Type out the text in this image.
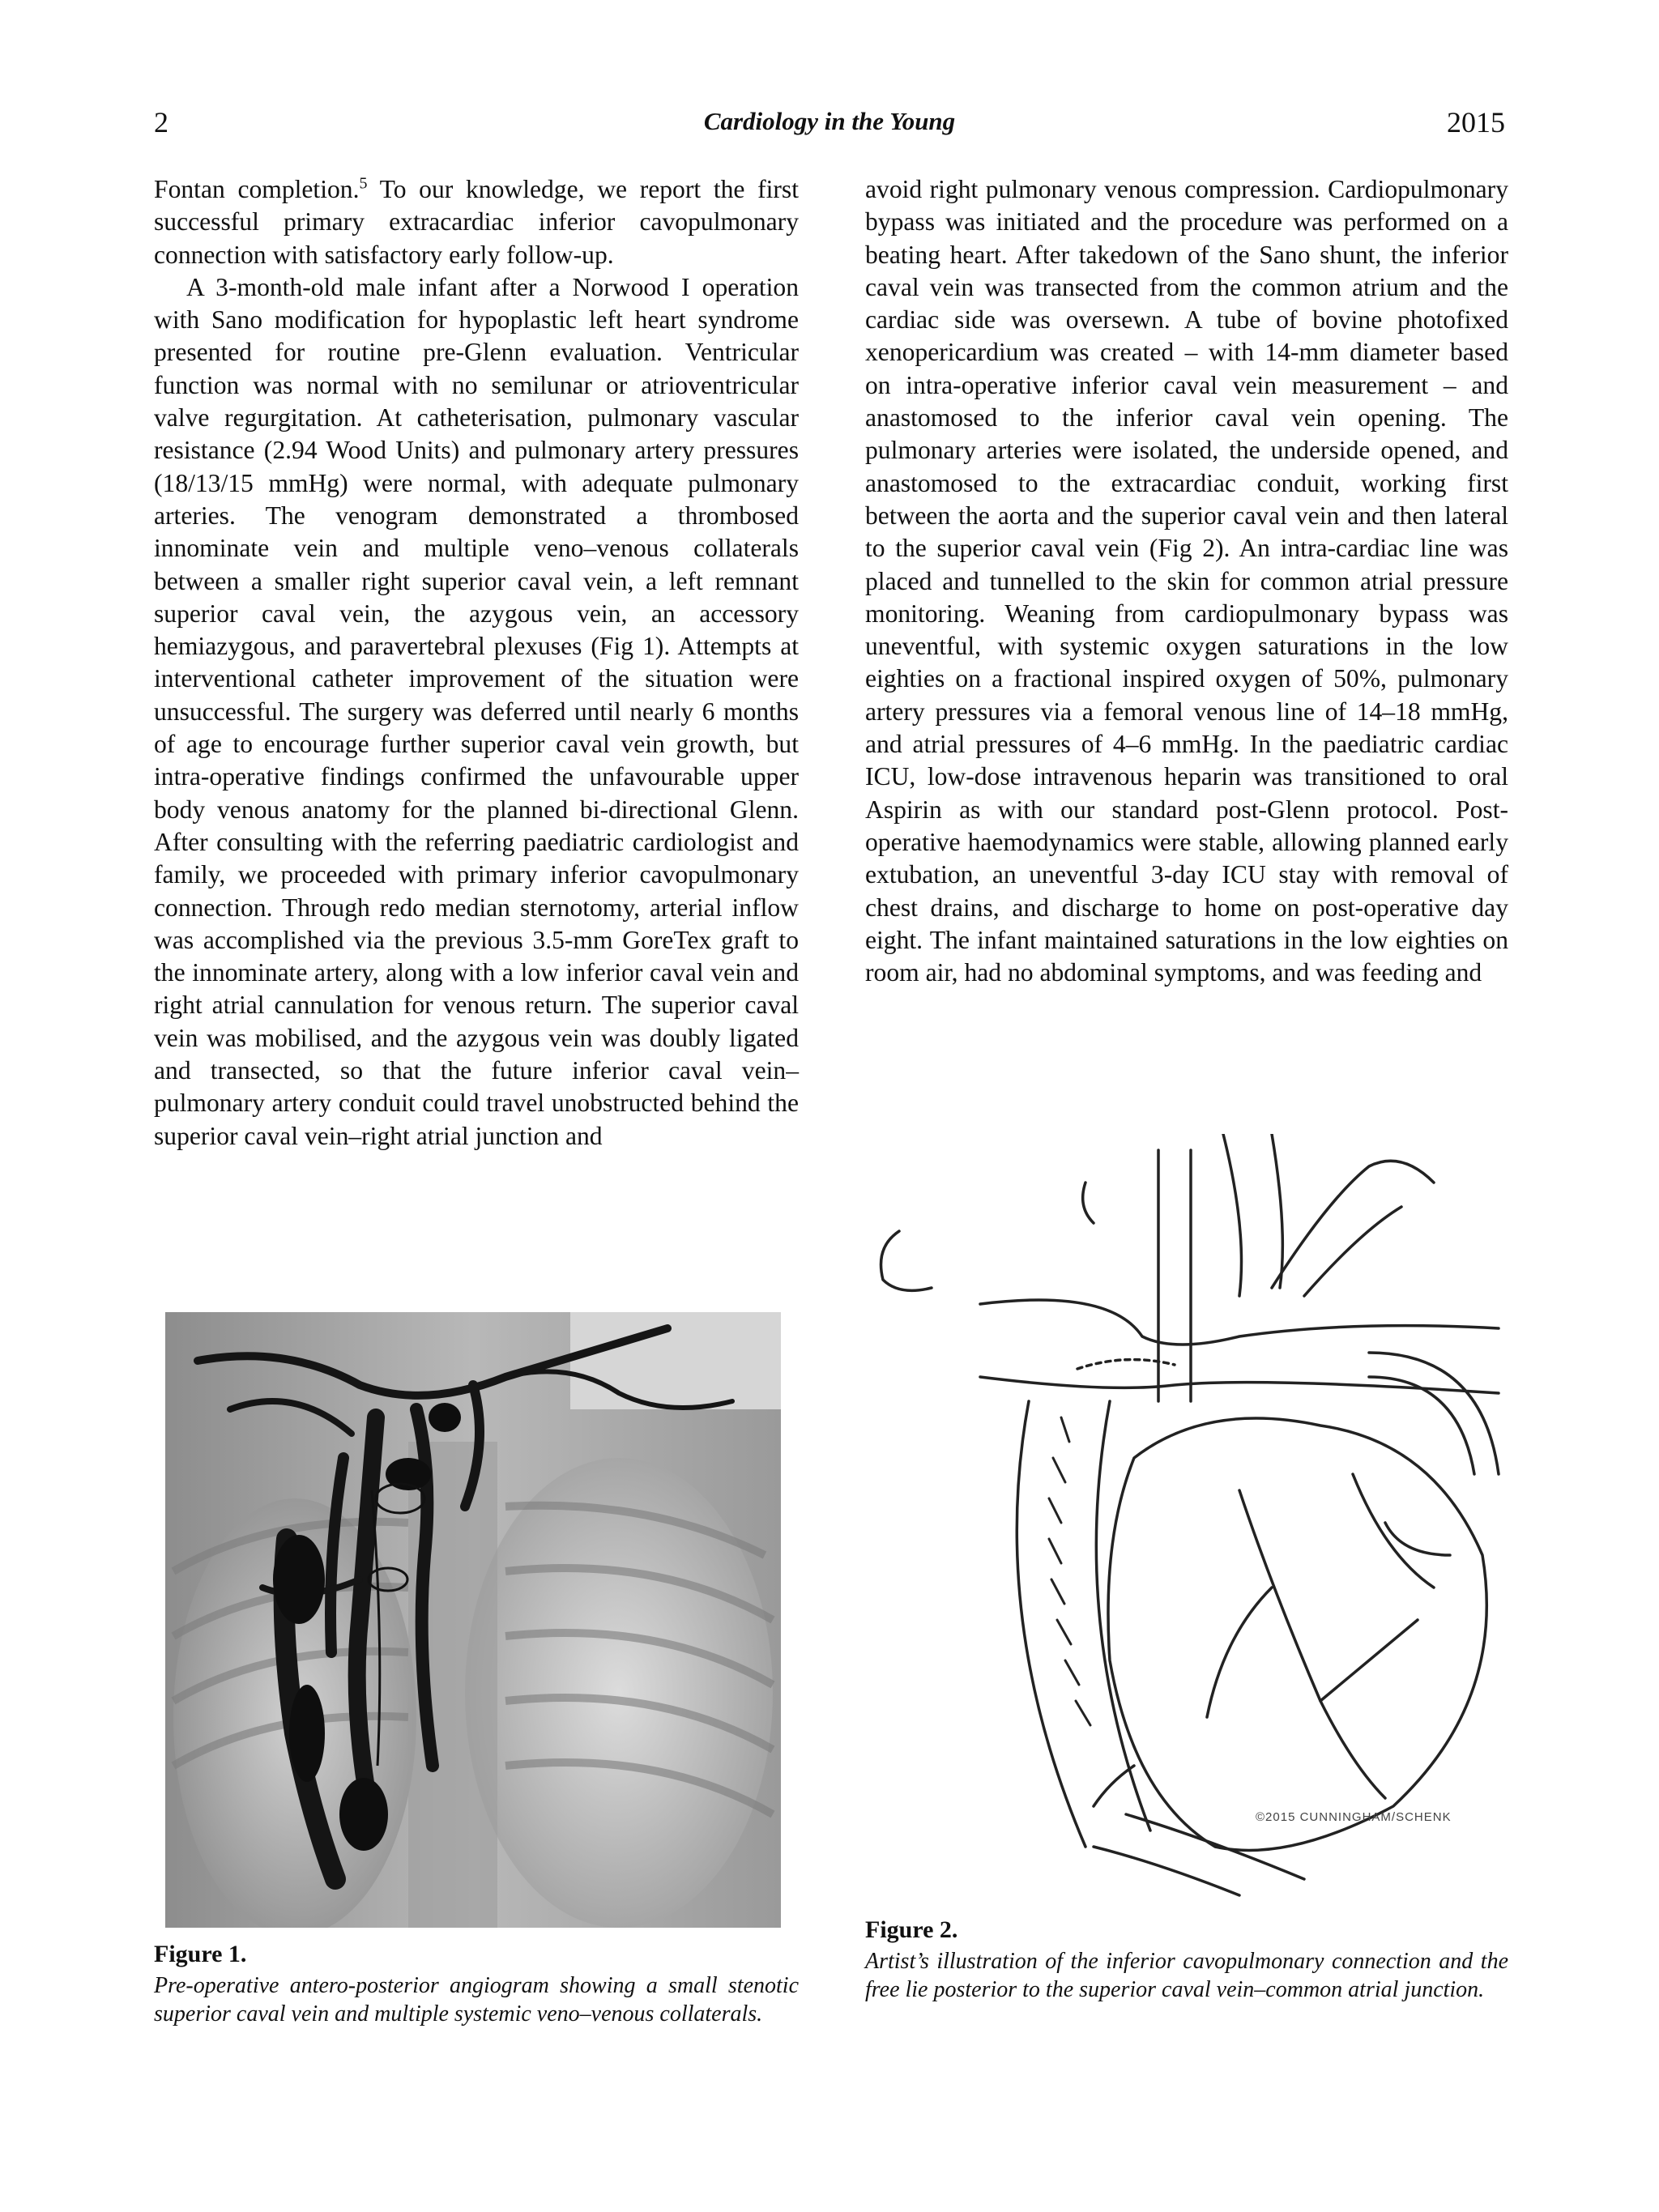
2	Cardiology in the Young	2015

Fontan completion.$^5$ To our knowledge, we report the first successful primary extracardiac inferior cavopulmonary connection with satisfactory early follow-up.

A 3-month-old male infant after a Norwood I operation with Sano modification for hypoplastic left heart syndrome presented for routine pre-Glenn evaluation. Ventricular function was normal with no semilunar or atrioventricular valve regurgitation. At catheterisation, pulmonary vascular resistance (2.94 Wood Units) and pulmonary artery pressures (18/13/15 mmHg) were normal, with adequate pulmonary arteries. The venogram demonstrated a thrombosed innominate vein and multiple veno–venous collaterals between a smaller right superior caval vein, a left remnant superior caval vein, the azygous vein, an accessory hemiazygous, and paravertebral plexuses (Fig 1). Attempts at interventional catheter improvement of the situation were unsuccessful. The surgery was deferred until nearly 6 months of age to encourage further superior caval vein growth, but intra-operative findings confirmed the unfavourable upper body venous anatomy for the planned bi-directional Glenn. After consulting with the referring paediatric cardiologist and family, we proceeded with primary inferior cavopulmonary connection. Through redo median sternotomy, arterial inflow was accomplished via the previous 3.5-mm GoreTex graft to the innominate artery, along with a low inferior caval vein and right atrial cannulation for venous return. The superior caval vein was mobilised, and the azygous vein was doubly ligated and transected, so that the future inferior caval vein–pulmonary artery conduit could travel unobstructed behind the superior caval vein–right atrial junction and

avoid right pulmonary venous compression. Cardiopulmonary bypass was initiated and the procedure was performed on a beating heart. After takedown of the Sano shunt, the inferior caval vein was transected from the common atrium and the cardiac side was oversewn. A tube of bovine photofixed xenopericardium was created – with 14-mm diameter based on intra-operative inferior caval vein measurement – and anastomosed to the inferior caval vein opening. The pulmonary arteries were isolated, the underside opened, and anastomosed to the extracardiac conduit, working first between the aorta and the superior caval vein and then lateral to the superior caval vein (Fig 2). An intra-cardiac line was placed and tunnelled to the skin for common atrial pressure monitoring. Weaning from cardiopulmonary bypass was uneventful, with systemic oxygen saturations in the low eighties on a fractional inspired oxygen of 50%, pulmonary artery pressures via a femoral venous line of 14–18 mmHg, and atrial pressures of 4–6 mmHg. In the paediatric cardiac ICU, low-dose intravenous heparin was transitioned to oral Aspirin as with our standard post-Glenn protocol. Post-operative haemodynamics were stable, allowing planned early extubation, an uneventful 3-day ICU stay with removal of chest drains, and discharge to home on post-operative day eight. The infant maintained saturations in the low eighties on room air, had no abdominal symptoms, and was feeding and

©2015 CUNNINGHAM/SCHENK
Figure 1.
Pre-operative antero-posterior angiogram showing a small stenotic superior caval vein and multiple systemic veno–venous collaterals.
Figure 2.
Artist’s illustration of the inferior cavopulmonary connection and the free lie posterior to the superior caval vein–common atrial junction.
